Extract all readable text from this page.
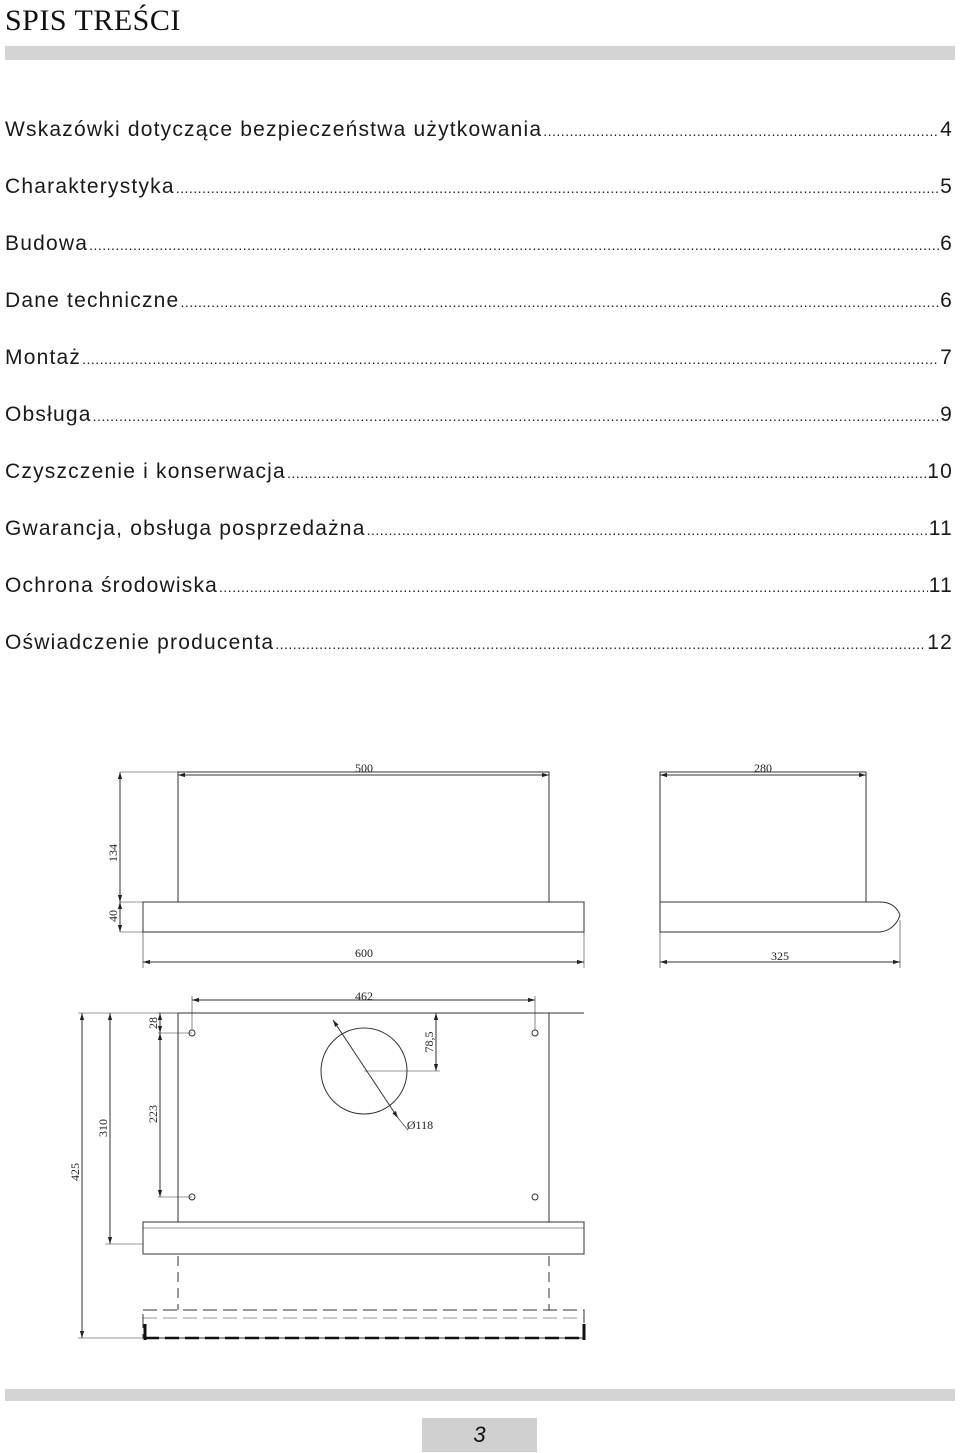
SPIS TREŚCI
Wskazówki dotyczące bezpieczeństwa użytkowania .....	4
Charakterystyka .....	5
Budowa .....	6
Dane techniczne .....	6
Montaż .....	7
Obsługa .....	9
Czyszczenie i konserwacja .....	10
Gwarancja, obsługa posprzedażna .....	11
Ochrona środowiska .....	11
Oświadczenie producenta .....	12
500	280
134
40
600	325
462
28
78,5
Ø118
223
310
425
3
